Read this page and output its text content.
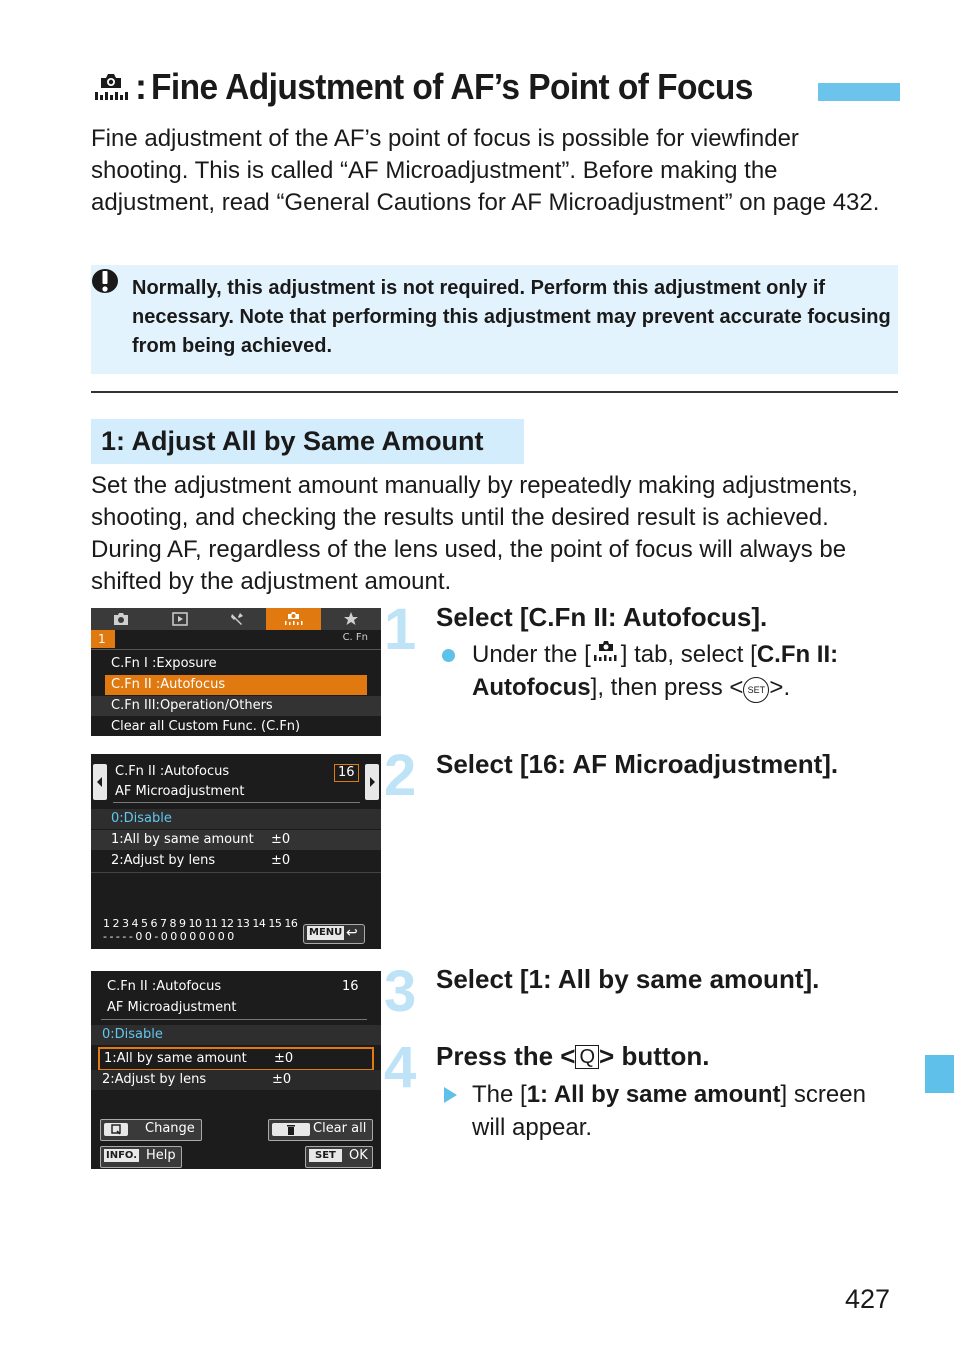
: Fine Adjustment of AF’s Point of Focus
Fine adjustment of the AF’s point of focus is possible for viewfinder shooting. This is called “AF Microadjustment”. Before making the adjustment, read “General Cautions for AF Microadjustment” on page 432.
Normally, this adjustment is not required. Perform this adjustment only if necessary. Note that performing this adjustment may prevent accurate focusing from being achieved.
1: Adjust All by Same Amount
Set the adjustment amount manually by repeatedly making adjustments, shooting, and checking the results until the desired result is achieved. During AF, regardless of the lens used, the point of focus will always be shifted by the adjustment amount.
1	C. Fn
C.Fn I :Exposure
C.Fn II :Autofocus
C.Fn III:Operation/Others
Clear all Custom Func. (C.Fn)
C.Fn II :Autofocus	16
AF Microadjustment
0:Disable
1:All by same amount ±0
2:Adjust by lens	±0
1 2 3 4 5 6 7 8 9 10 11 12 13 14 15 16
- - - - - 0 0 - 0 0 0 0 0 0 0 0	MENU ↩
C.Fn II :Autofocus	16
AF Microadjustment
0:Disable
1:All by same amount ±0
2:Adjust by lens	±0
Change	Clear all
INFO. Help	SET	OK
1 Select [C.Fn II: Autofocus].
Under the [ ] tab, select [C.Fn II:
Autofocus], then press < SET >.
2 Select [16: AF Microadjustment].
3 Select [1: All by same amount].
4 Press the < Q > button.
The [1: All by same amount] screen will appear.
427
